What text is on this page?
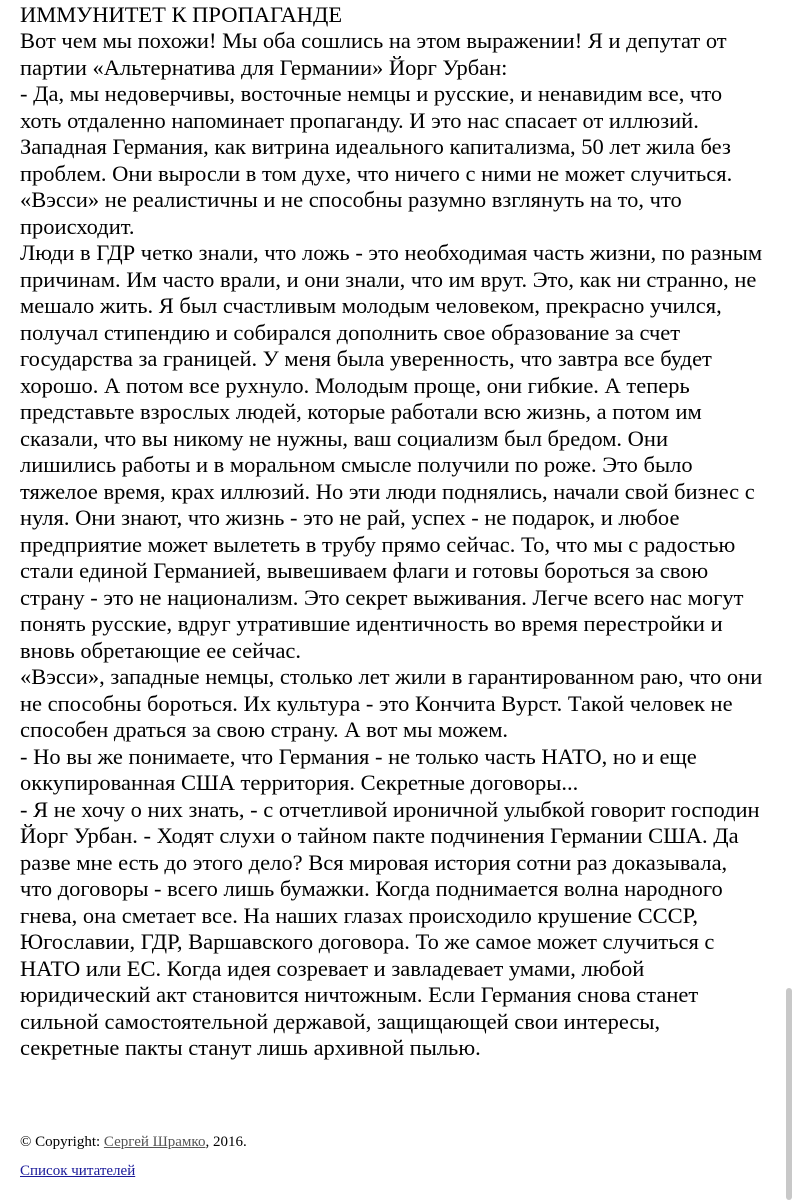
ИММУНИТЕТ К ПРОПАГАНДЕ
Вот чем мы похожи! Мы оба сошлись на этом выражении! Я и депутат от
партии «Альтернатива для Германии» Йорг Урбан:
- Да, мы недоверчивы, восточные немцы и русские, и ненавидим все, что
хоть отдаленно напоминает пропаганду. И это нас спасает от иллюзий.
Западная Германия, как витрина идеального капитализма, 50 лет жила без
проблем. Они выросли в том духе, что ничего с ними не может случиться.
«Вэсси» не реалистичны и не способны разумно взглянуть на то, что
происходит.
Люди в ГДР четко знали, что ложь - это необходимая часть жизни, по разным
причинам. Им часто врали, и они знали, что им врут. Это, как ни странно, не
мешало жить. Я был счастливым молодым человеком, прекрасно учился,
получал стипендию и собирался дополнить свое образование за счет
государства за границей. У меня была уверенность, что завтра все будет
хорошо. А потом все рухнуло. Молодым проще, они гибкие. А теперь
представьте взрослых людей, которые работали всю жизнь, а потом им
сказали, что вы никому не нужны, ваш социализм был бредом. Они
лишились работы и в моральном смысле получили по роже. Это было
тяжелое время, крах иллюзий. Но эти люди поднялись, начали свой бизнес с
нуля. Они знают, что жизнь - это не рай, успех - не подарок, и любое
предприятие может вылететь в трубу прямо сейчас. То, что мы с радостью
стали единой Германией, вывешиваем флаги и готовы бороться за свою
страну - это не национализм. Это секрет выживания. Легче всего нас могут
понять русские, вдруг утратившие идентичность во время перестройки и
вновь обретающие ее сейчас.
«Вэсси», западные немцы, столько лет жили в гарантированном раю, что они
не способны бороться. Их культура - это Кончита Вурст. Такой человек не
способен драться за свою страну. А вот мы можем.
- Но вы же понимаете, что Германия - не только часть НАТО, но и еще
оккупированная США территория. Секретные договоры...
- Я не хочу о них знать, - с отчетливой ироничной улыбкой говорит господин
Йорг Урбан. - Ходят слухи о тайном пакте подчинения Германии США. Да
разве мне есть до этого дело? Вся мировая история сотни раз доказывала,
что договоры - всего лишь бумажки. Когда поднимается волна народного
гнева, она сметает все. На наших глазах происходило крушение СССР,
Югославии, ГДР, Варшавского договора. То же самое может случиться с
НАТО или ЕС. Когда идея созревает и завладевает умами, любой
юридический акт становится ничтожным. Если Германия снова станет
сильной самостоятельной державой, защищающей свои интересы,
секретные пакты станут лишь архивной пылью.
© Copyright: Сергей Шрамко, 2016.
Список читателей
